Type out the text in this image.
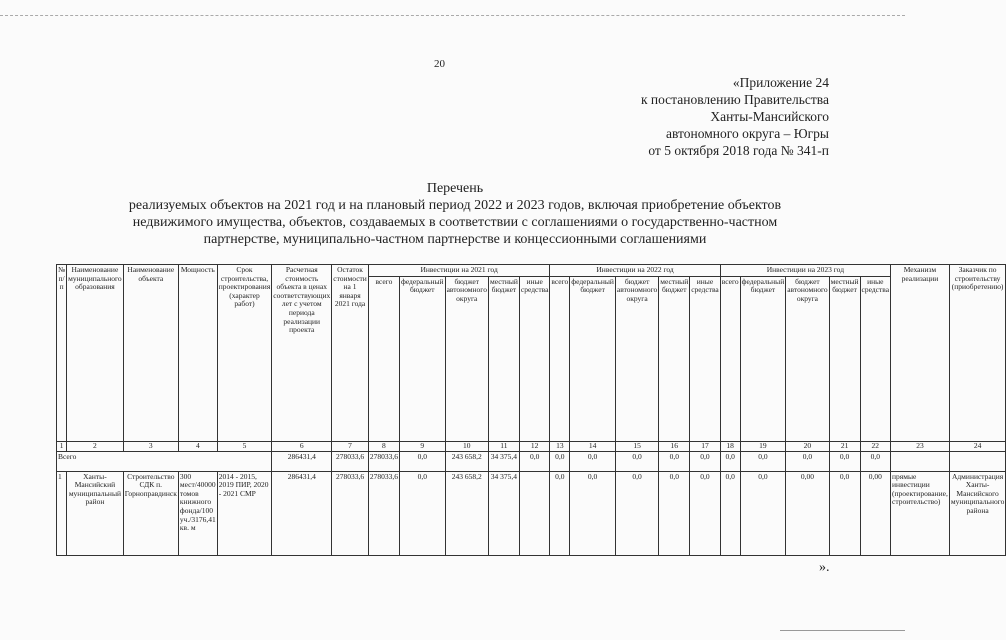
20
«Приложение 24
к постановлению Правительства
Ханты-Мансийского
автономного округа – Югры
от 5 октября 2018 года № 341-п
Перечень
реализуемых объектов на 2021 год и на плановый период 2022 и 2023 годов, включая приобретение объектов
недвижимого имущества, объектов, создаваемых в соответствии с соглашениями о государственно-частном
партнерстве, муниципально-частном партнерстве и концессионными соглашениями
№ п/п	Наименование муниципального образования	Наименование объекта	Мощность	Срок строительства, проектирования (характер работ)	Расчетная стоимость объекта в ценах соответствующих лет с учетом периода реализации проекта	Остаток стоимости на 1 января 2021 года	Инвестиции на 2021 год					Инвестиции на 2022 год					Инвестиции на 2023 год					Механизм реализации	Заказчик по строительству (приобретению)
							всего	федеральный бюджет	бюджет автономного округа	местный бюджет	иные средства	всего	федеральный бюджет	бюджет автономного округа	местный бюджет	иные средства	всего	федеральный бюджет	бюджет автономного округа	местный бюджет	иные средства		
1	2	3	4	5	6	7	8	9	10	11	12	13	14	15	16	17	18	19	20	21	22	23	24
Всего					286431,4	278033,6	278033,6	0,0	243 658,2	34 375,4	0,0	0,0	0,0	0,0	0,0	0,0	0,0	0,0	0,0	0,0	0,0		
1	Ханты-Мансийский муниципальный район	Строительство СДК п. Горноправдинск	300 мест/40000 томов книжного фонда/100 уч./3176,41 кв. м	2014 - 2015, 2019 ПИР, 2020 - 2021 СМР	286431,4	278033,6	278033,6	0,0	243 658,2	34 375,4		0,0	0,0	0,0	0,0	0,0	0,0	0,0	0,00	0,0	0,00	прямые инвестиции (проектирование, строительство)	Администрация Ханты-Мансийского муниципального района
».
